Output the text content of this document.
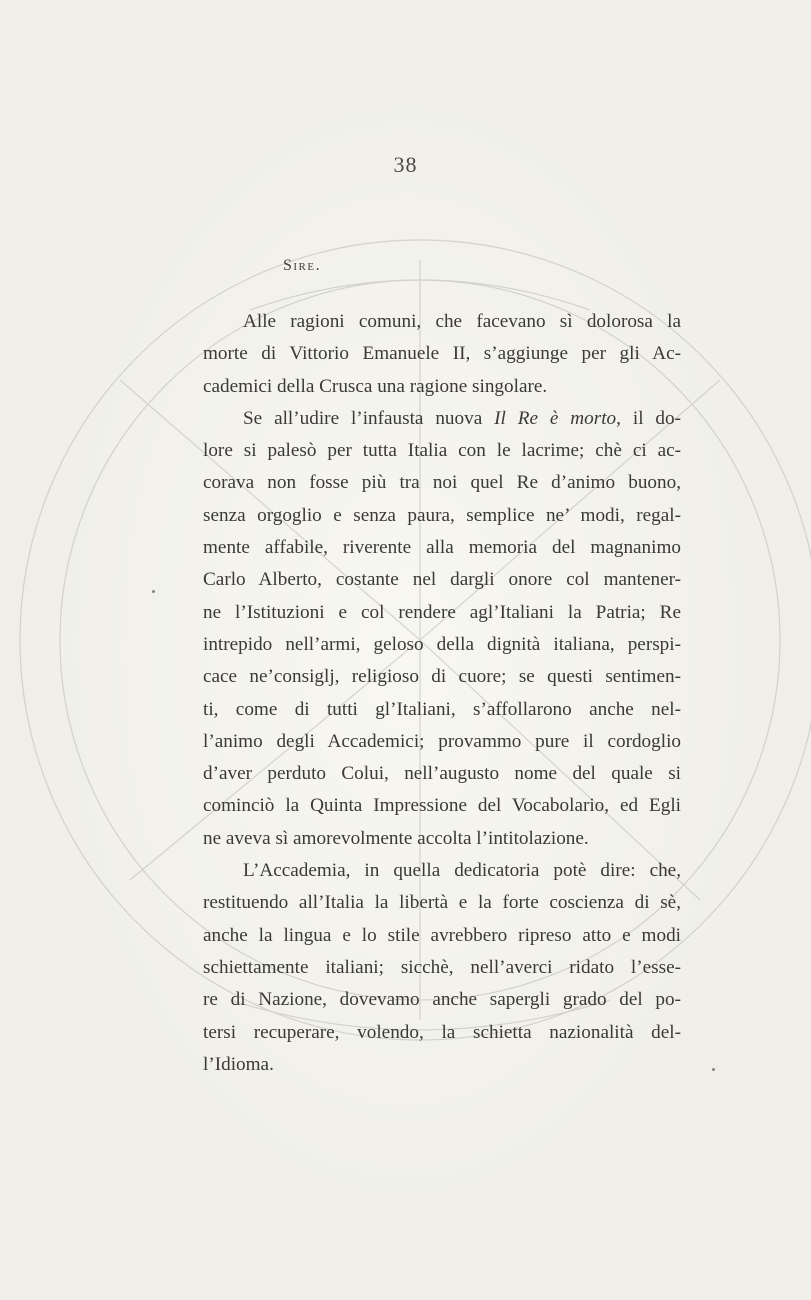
38
Sire.
Alle ragioni comuni, che facevano sì dolorosa la
morte di Vittorio Emanuele II, s’aggiunge per gli Ac-
cademici della Crusca una ragione singolare.
Se all’udire l’infausta nuova Il Re è morto, il do-
lore si palesò per tutta Italia con le lacrime; chè ci ac-
corava non fosse più tra noi quel Re d’animo buono,
senza orgoglio e senza paura, semplice ne’ modi, regal-
mente affabile, riverente alla memoria del magnanimo
Carlo Alberto, costante nel dargli onore col mantener-
ne l’Istituzioni e col rendere agl’Italiani la Patria; Re
intrepido nell’armi, geloso della dignità italiana, perspi-
cace ne’consiglj, religioso di cuore; se questi sentimen-
ti, come di tutti gl’Italiani, s’affollarono anche nel-
l’animo degli Accademici; provammo pure il cordoglio
d’aver perduto Colui, nell’augusto nome del quale si
cominciò la Quinta Impressione del Vocabolario, ed Egli
ne aveva sì amorevolmente accolta l’intitolazione.
L’Accademia, in quella dedicatoria potè dire: che,
restituendo all’Italia la libertà e la forte coscienza di sè,
anche la lingua e lo stile avrebbero ripreso atto e modi
schiettamente italiani; sicchè, nell’averci ridato l’esse-
re di Nazione, dovevamo anche sapergli grado del po-
tersi recuperare, volendo, la schietta nazionalità del-
l’Idioma.
